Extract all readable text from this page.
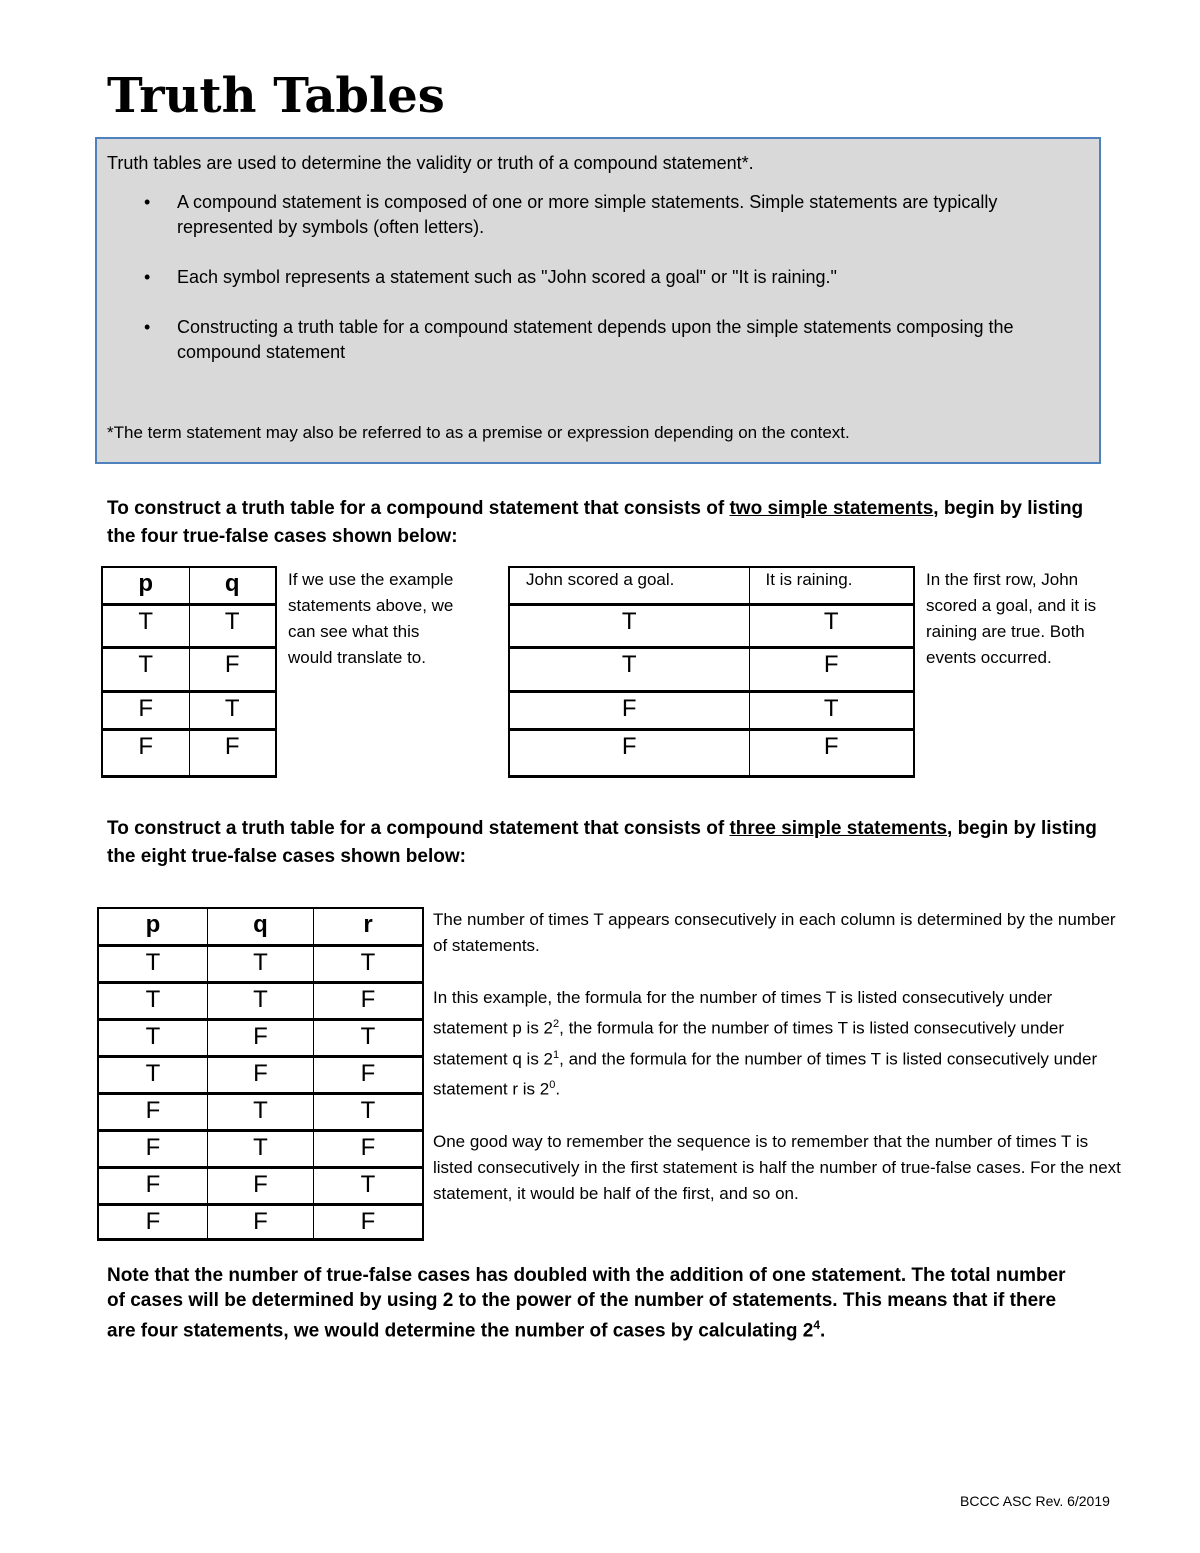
Truth Tables

Truth tables are used to determine the validity or truth of a compound statement*.

• A compound statement is composed of one or more simple statements. Simple statements are typically represented by symbols (often letters).
• Each symbol represents a statement such as "John scored a goal" or "It is raining."
• Constructing a truth table for a compound statement depends upon the simple statements composing the compound statement

*The term statement may also be referred to as a premise or expression depending on the context.

To construct a truth table for a compound statement that consists of two simple statements, begin by listing the four true-false cases shown below:

p	q
T	T
T	F
F	T
F	F

If we use the example statements above, we can see what this would translate to.

John scored a goal.	It is raining.
T	T
T	F
F	T
F	F

In the first row, John scored a goal, and it is raining are true. Both events occurred.

To construct a truth table for a compound statement that consists of three simple statements, begin by listing the eight true-false cases shown below:

p	q	r
T	T	T
T	T	F
T	F	T
T	F	F
F	T	T
F	T	F
F	F	T
F	F	F

The number of times T appears consecutively in each column is determined by the number of statements.

In this example, the formula for the number of times T is listed consecutively under statement p is $2^2$, the formula for the number of times T is listed consecutively under statement q is $2^1$, and the formula for the number of times T is listed consecutively under statement r is $2^0$.

One good way to remember the sequence is to remember that the number of times T is listed consecutively in the first statement is half the number of true-false cases. For the next statement, it would be half of the first, and so on.

Note that the number of true-false cases has doubled with the addition of one statement. The total number of cases will be determined by using 2 to the power of the number of statements. This means that if there are four statements, we would determine the number of cases by calculating $2^4$.

BCCC ASC Rev. 6/2019
